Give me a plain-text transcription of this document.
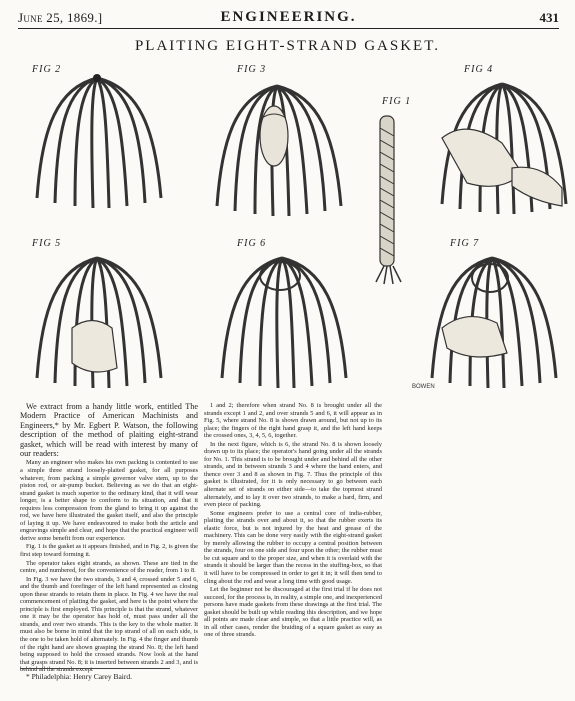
June 25, 1869.]	ENGINEERING.	431
PLAITING EIGHT-STRAND GASKET.
FIG 2	FIG 3
FIG 1
FIG 4
FIG 5	FIG 6	FIG 7
BOWEN

We extract from a handy little work, entitled The Modern Practice of American Machinists and Engineers,* by Mr. Egbert P. Watson, the following description of the method of plaiting eight-strand gasket, which will be read with interest by many of our readers:

Many an engineer who makes his own packing is contented to use a simple three strand loosely-plaited gasket, for all purposes whatever, from packing a simple governor valve stem, up to the piston rod, or air-pump bucket. Believing as we do that an eight-strand gasket is much superior to the ordinary kind, that it will wear longer, is a better shape to conform to its situation, and that it requires less compression from the gland to bring it up against the rod, we have here illustrated the gasket itself, and also the principle of laying it up. We have endeavoured to make both the article and engravings simple and clear, and hope that the practical engineer will derive some benefit from our experience.

Fig. 1 is the gasket as it appears finished, and in Fig. 2, is given the first step toward forming it.

The operator takes eight strands, as shown. These are tied in the centre, and numbered, for the convenience of the reader, from 1 to 8.

In Fig. 3 we have the two strands, 3 and 4, crossed under 5 and 6, and the thumb and forefinger of the left hand represented as closing upon these strands to retain them in place. In Fig. 4 we have the real commencement of plaiting the gasket, and here is the point where the principle is first employed. This principle is that the strand, whatever one it may be the operator has hold of, must pass under all the strands, and over two strands. This is the key to the whole matter. It must also be borne in mind that the top strand of all on each side, is the one to be taken hold of alternately. In Fig. 4 the finger and thumb of the right hand are shown grasping the strand No. 8; the left hand being supposed to hold the crossed strands. Now look at the hand that grasps strand No. 8; it is inserted between strands 2 and 3, and is behind all the strands except

1 and 2; therefore when strand No. 8 is brought under all the strands except 1 and 2, and over strands 5 and 6, it will appear as in Fig. 5, where strand No. 8 is shown drawn around, but not up to its place; the fingers of the right hand grasp it, and the left hand keeps the crossed ones, 3, 4, 5, 6, together.

In the next figure, which is 6, the strand No. 8 is shown loosely drawn up to its place; the operator's hand going under all the strands for No. 1. This strand is to be brought under and behind all the other strands, and in between strands 3 and 4 where the hand enters, and thence over 3 and 8 as shown in Fig. 7. Thus the principle of this gasket is illustrated, for it is only necessary to go between each alternate set of strands on either side—to take the topmost strand alternately, and to lay it over two strands, to make a hard, firm, and even piece of packing.

Some engineers prefer to use a central core of india-rubber, plaiting the strands over and about it, so that the rubber exerts its elastic force, but is not injured by the heat and grease of the machinery. This can be done very easily with the eight-strand gasket by merely allowing the rubber to occupy a central position between the strands, four on one side and four upon the other; the rubber must be cut square and to the proper size, and when it is overlaid with the strands it should be larger than the recess in the stuffing-box, so that it will have to be compressed in order to get it in; it will then tend to cling about the rod and wear a long time with good usage.

Let the beginner not be discouraged at the first trial if he does not succeed, for the process is, in reality, a simple one, and inexperienced persons have made gaskets from these drawings at the first trial. The gasket should be built up while reading this description, and we hope all points are made clear and simple, so that a little practice will, as in all other cases, render the braiding of a square gasket as easy as one of three strands.

* Philadelphia: Henry Carey Baird.
